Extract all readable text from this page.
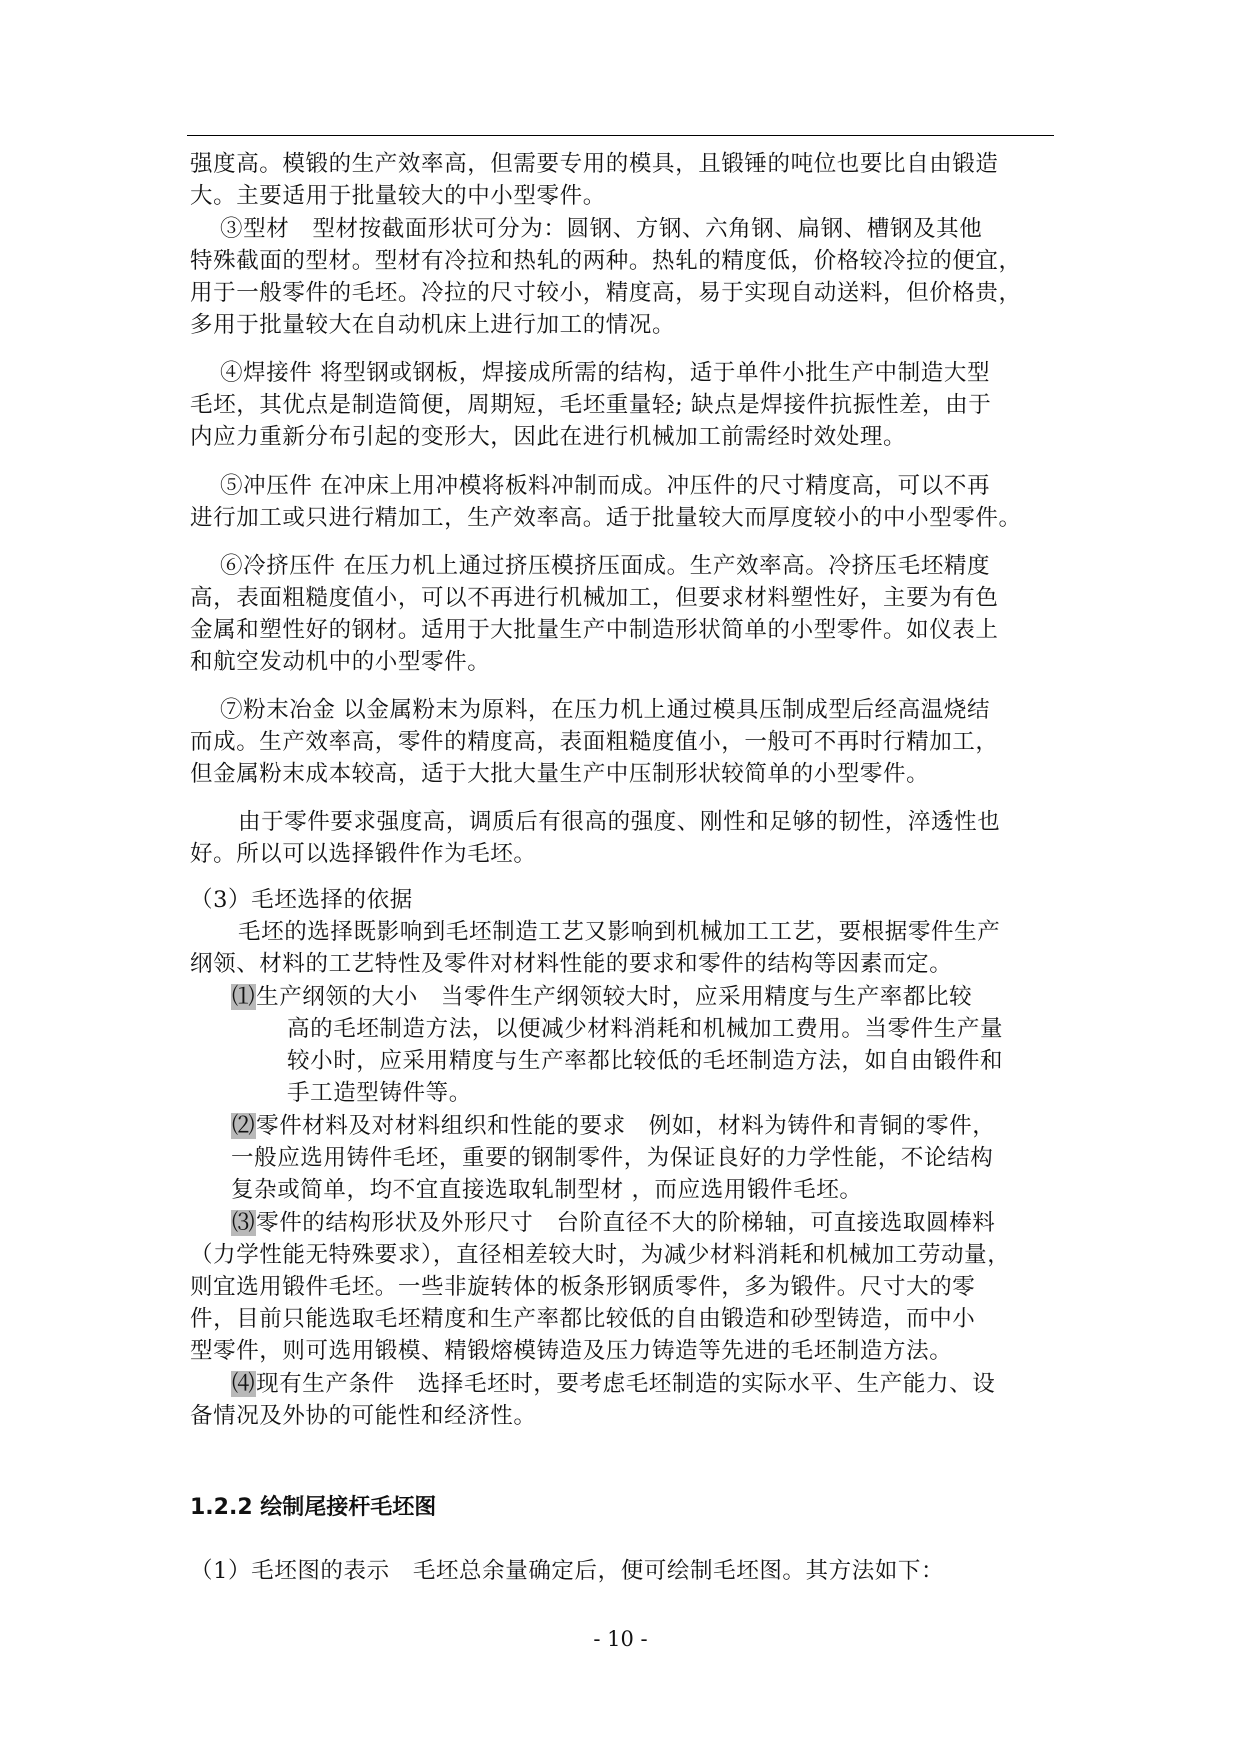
强度高。模锻的生产效率高，但需要专用的模具，且锻锤的吨位也要比自由锻造

大。主要适用于批量较大的中小型零件。

③型材　型材按截面形状可分为：圆钢、方钢、六角钢、扁钢、槽钢及其他

特殊截面的型材。型材有冷拉和热轧的两种。热轧的精度低，价格较冷拉的便宜，

用于一般零件的毛坯。冷拉的尺寸较小，精度高，易于实现自动送料，但价格贵，

多用于批量较大在自动机床上进行加工的情况。

④焊接件 将型钢或钢板，焊接成所需的结构，适于单件小批生产中制造大型

毛坯，其优点是制造简便，周期短，毛坯重量轻; 缺点是焊接件抗振性差，由于

内应力重新分布引起的变形大，因此在进行机械加工前需经时效处理。

⑤冲压件 在冲床上用冲模将板料冲制而成。冲压件的尺寸精度高，可以不再

进行加工或只进行精加工，生产效率高。适于批量较大而厚度较小的中小型零件。

⑥冷挤压件 在压力机上通过挤压模挤压面成。生产效率高。冷挤压毛坯精度

高，表面粗糙度值小，可以不再进行机械加工，但要求材料塑性好，主要为有色

金属和塑性好的钢材。适用于大批量生产中制造形状简单的小型零件。如仪表上

和航空发动机中的小型零件。

⑦粉末冶金 以金属粉末为原料，在压力机上通过模具压制成型后经高温烧结

而成。生产效率高，零件的精度高，表面粗糙度值小，一般可不再时行精加工，

但金属粉末成本较高，适于大批大量生产中压制形状较简单的小型零件。

由于零件要求强度高，调质后有很高的强度、刚性和足够的韧性，淬透性也

好。所以可以选择锻件作为毛坯。

（3）毛坯选择的依据

毛坯的选择既影响到毛坯制造工艺又影响到机械加工工艺，要根据零件生产

纲领、材料的工艺特性及零件对材料性能的要求和零件的结构等因素而定。

⑴生产纲领的大小　当零件生产纲领较大时，应采用精度与生产率都比较

高的毛坯制造方法，以便减少材料消耗和机械加工费用。当零件生产量

较小时，应采用精度与生产率都比较低的毛坯制造方法，如自由锻件和

手工造型铸件等。

⑵零件材料及对材料组织和性能的要求　例如，材料为铸件和青铜的零件，

一般应选用铸件毛坯，重要的钢制零件，为保证良好的力学性能，不论结构

复杂或简单，均不宜直接选取轧制型材 ，而应选用锻件毛坯。

⑶零件的结构形状及外形尺寸　台阶直径不大的阶梯轴，可直接选取圆棒料

（力学性能无特殊要求），直径相差较大时，为减少材料消耗和机械加工劳动量，

则宜选用锻件毛坯。一些非旋转体的板条形钢质零件，多为锻件。尺寸大的零

件，目前只能选取毛坯精度和生产率都比较低的自由锻造和砂型铸造，而中小

型零件，则可选用锻模、精锻熔模铸造及压力铸造等先进的毛坯制造方法。

⑷现有生产条件　选择毛坯时，要考虑毛坯制造的实际水平、生产能力、设

备情况及外协的可能性和经济性。

1.2.2 绘制尾接杆毛坯图

（1）毛坯图的表示　毛坯总余量确定后，便可绘制毛坯图。其方法如下：

- 10 -
